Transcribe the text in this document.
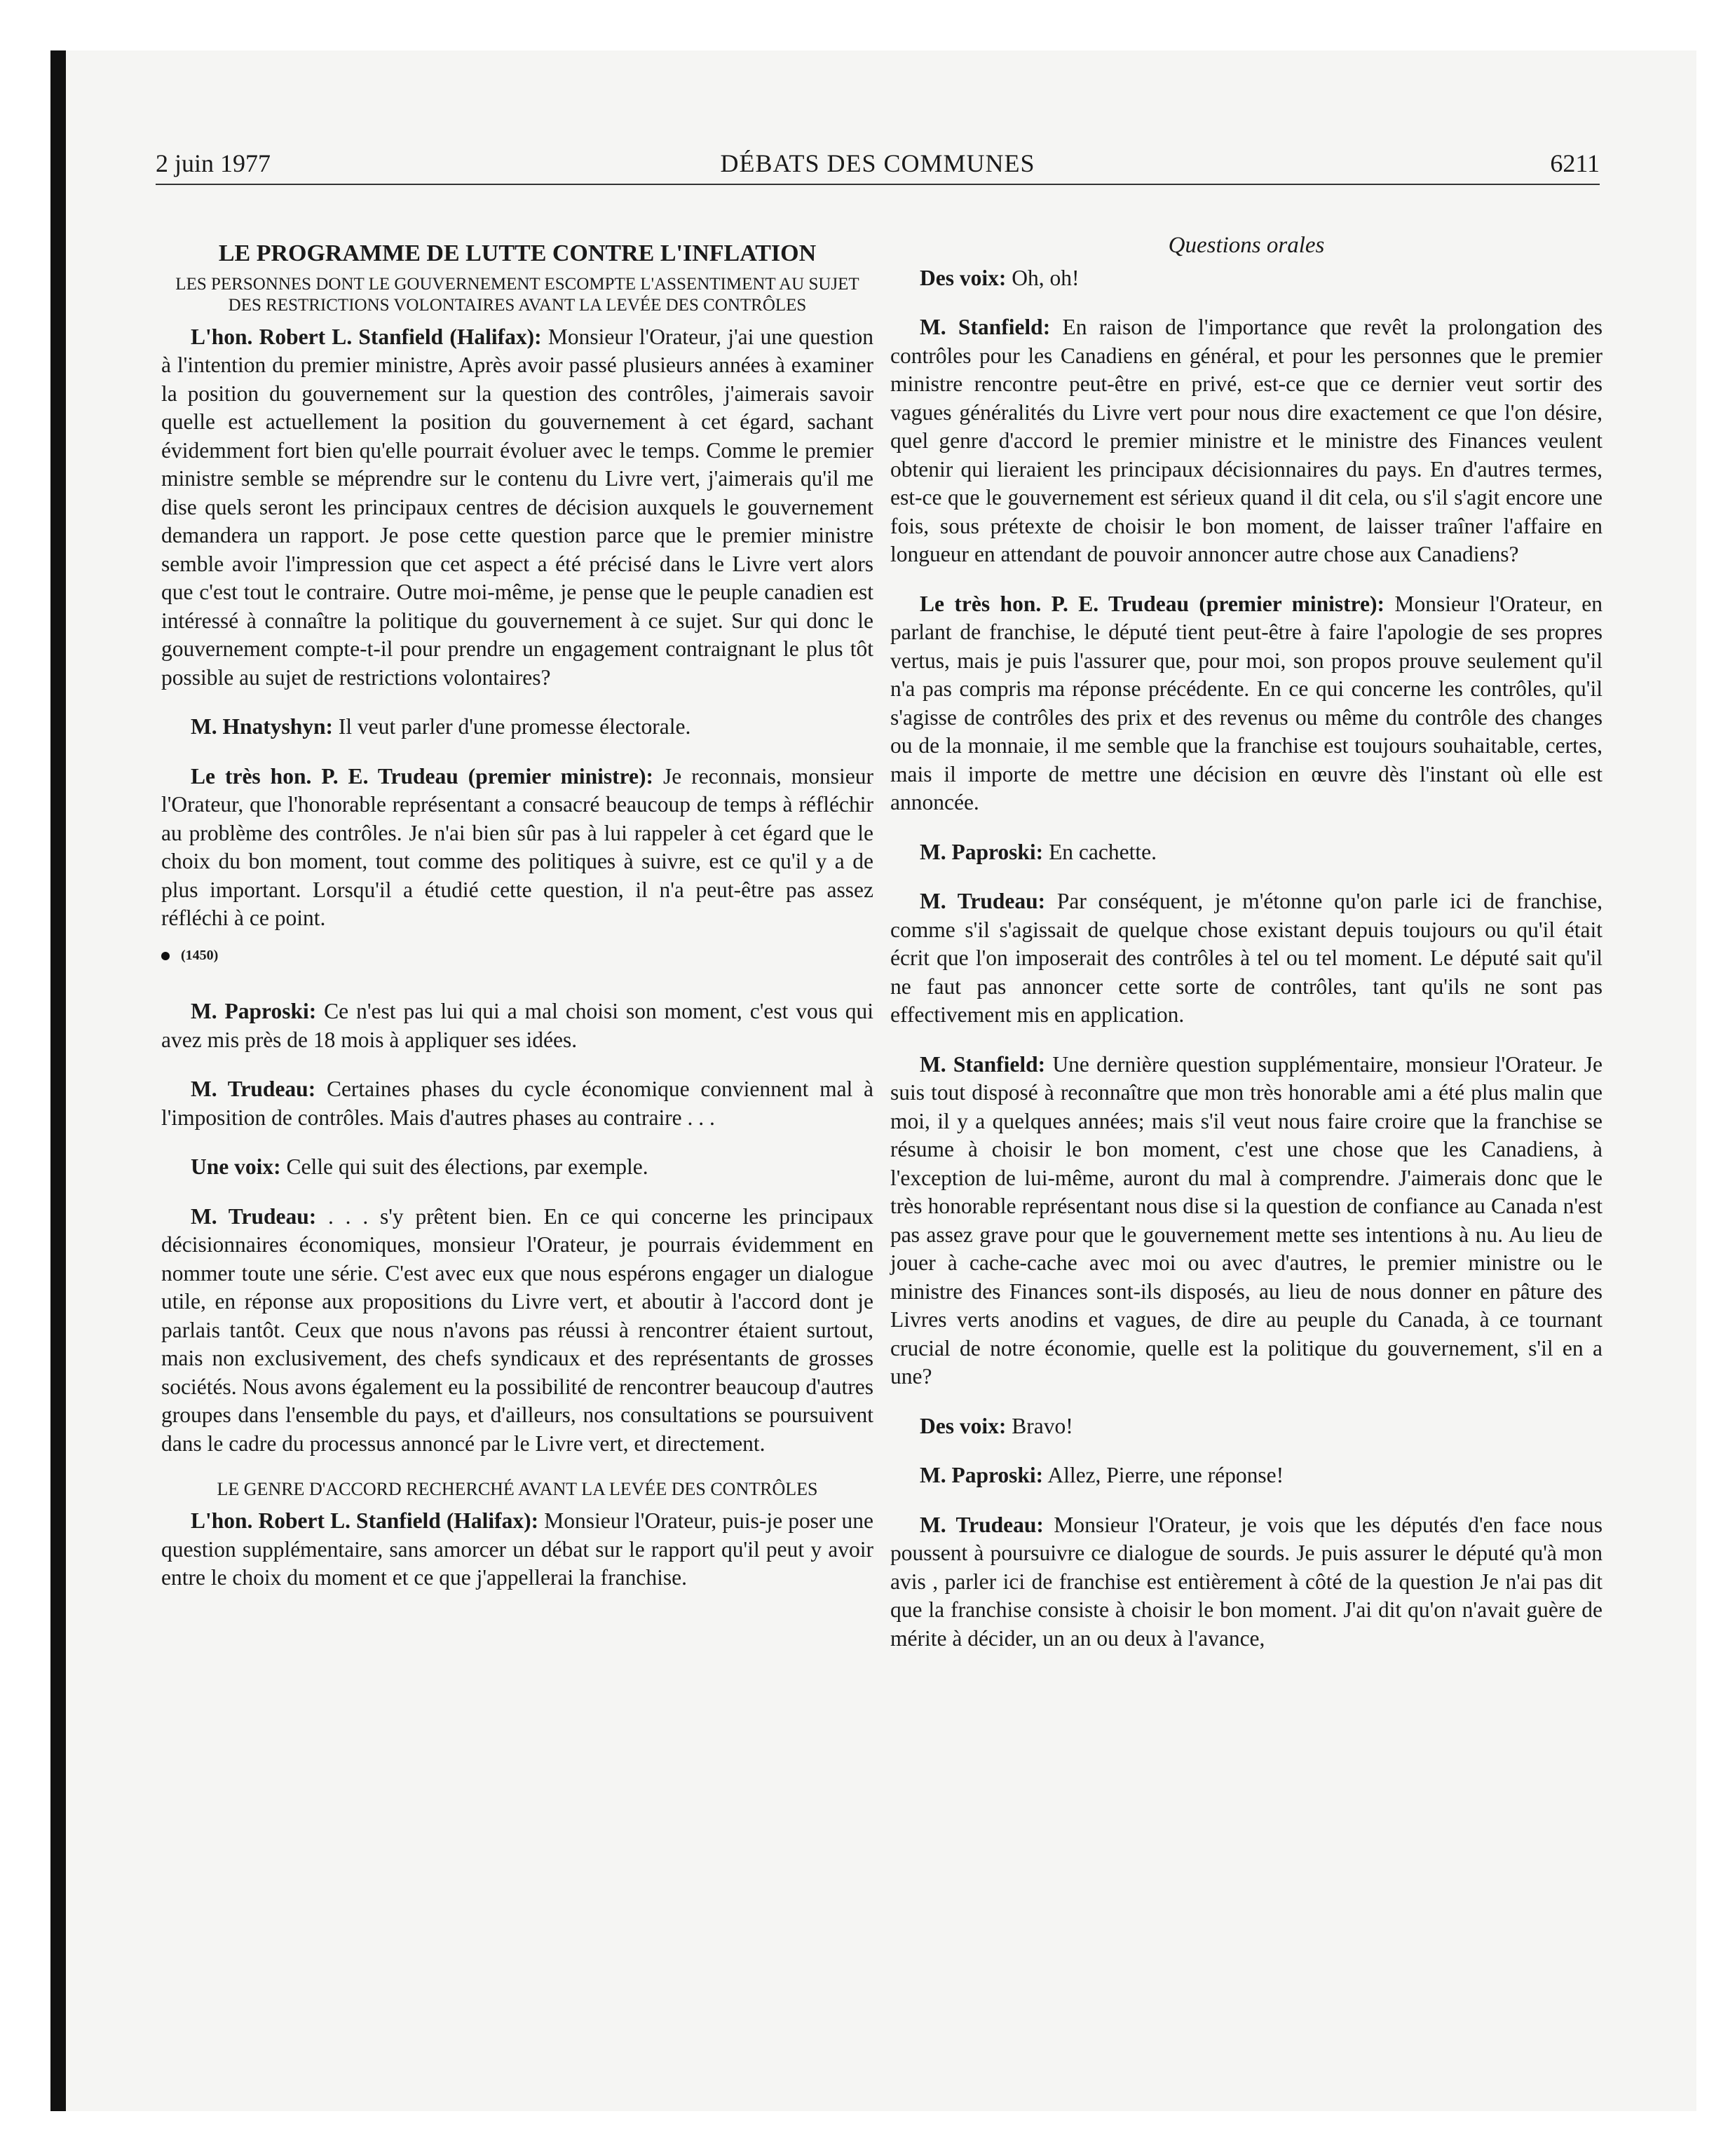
2 juin 1977	DÉBATS DES COMMUNES	6211
LE PROGRAMME DE LUTTE CONTRE L'INFLATION
LES PERSONNES DONT LE GOUVERNEMENT ESCOMPTE L'ASSENTIMENT AU SUJET DES RESTRICTIONS VOLONTAIRES AVANT LA LEVÉE DES CONTRÔLES

L'hon. Robert L. Stanfield (Halifax): Monsieur l'Orateur, j'ai une question à l'intention du premier ministre, Après avoir passé plusieurs années à examiner la position du gouvernement sur la question des contrôles, j'aimerais savoir quelle est actuellement la position du gouvernement à cet égard, sachant évidemment fort bien qu'elle pourrait évoluer avec le temps. Comme le premier ministre semble se méprendre sur le contenu du Livre vert, j'aimerais qu'il me dise quels seront les principaux centres de décision auxquels le gouvernement demandera un rapport. Je pose cette question parce que le premier ministre semble avoir l'impression que cet aspect a été précisé dans le Livre vert alors que c'est tout le contraire. Outre moi-même, je pense que le peuple canadien est intéressé à connaître la politique du gouvernement à ce sujet. Sur qui donc le gouvernement compte-t-il pour prendre un engagement contraignant le plus tôt possible au sujet de restrictions volontaires?

M. Hnatyshyn: Il veut parler d'une promesse électorale.

Le très hon. P. E. Trudeau (premier ministre): Je reconnais, monsieur l'Orateur, que l'honorable représentant a consacré beaucoup de temps à réfléchir au problème des contrôles. Je n'ai bien sûr pas à lui rappeler à cet égard que le choix du bon moment, tout comme des politiques à suivre, est ce qu'il y a de plus important. Lorsqu'il a étudié cette question, il n'a peut-être pas assez réfléchi à ce point.

(1450)

M. Paproski: Ce n'est pas lui qui a mal choisi son moment, c'est vous qui avez mis près de 18 mois à appliquer ses idées.

M. Trudeau: Certaines phases du cycle économique conviennent mal à l'imposition de contrôles. Mais d'autres phases au contraire . . .

Une voix: Celle qui suit des élections, par exemple.

M. Trudeau: . . . s'y prêtent bien. En ce qui concerne les principaux décisionnaires économiques, monsieur l'Orateur, je pourrais évidemment en nommer toute une série. C'est avec eux que nous espérons engager un dialogue utile, en réponse aux propositions du Livre vert, et aboutir à l'accord dont je parlais tantôt. Ceux que nous n'avons pas réussi à rencontrer étaient surtout, mais non exclusivement, des chefs syndicaux et des représentants de grosses sociétés. Nous avons également eu la possibilité de rencontrer beaucoup d'autres groupes dans l'ensemble du pays, et d'ailleurs, nos consultations se poursuivent dans le cadre du processus annoncé par le Livre vert, et directement.

LE GENRE D'ACCORD RECHERCHÉ AVANT LA LEVÉE DES CONTRÔLES

L'hon. Robert L. Stanfield (Halifax): Monsieur l'Orateur, puis-je poser une question supplémentaire, sans amorcer un débat sur le rapport qu'il peut y avoir entre le choix du moment et ce que j'appellerai la franchise.

Questions orales

Des voix: Oh, oh!

M. Stanfield: En raison de l'importance que revêt la prolongation des contrôles pour les Canadiens en général, et pour les personnes que le premier ministre rencontre peut-être en privé, est-ce que ce dernier veut sortir des vagues généralités du Livre vert pour nous dire exactement ce que l'on désire, quel genre d'accord le premier ministre et le ministre des Finances veulent obtenir qui lieraient les principaux décisionnaires du pays. En d'autres termes, est-ce que le gouvernement est sérieux quand il dit cela, ou s'il s'agit encore une fois, sous prétexte de choisir le bon moment, de laisser traîner l'affaire en longueur en attendant de pouvoir annoncer autre chose aux Canadiens?

Le très hon. P. E. Trudeau (premier ministre): Monsieur l'Orateur, en parlant de franchise, le député tient peut-être à faire l'apologie de ses propres vertus, mais je puis l'assurer que, pour moi, son propos prouve seulement qu'il n'a pas compris ma réponse précédente. En ce qui concerne les contrôles, qu'il s'agisse de contrôles des prix et des revenus ou même du contrôle des changes ou de la monnaie, il me semble que la franchise est toujours souhaitable, certes, mais il importe de mettre une décision en œuvre dès l'instant où elle est annoncée.

M. Paproski: En cachette.

M. Trudeau: Par conséquent, je m'étonne qu'on parle ici de franchise, comme s'il s'agissait de quelque chose existant depuis toujours ou qu'il était écrit que l'on imposerait des contrôles à tel ou tel moment. Le député sait qu'il ne faut pas annoncer cette sorte de contrôles, tant qu'ils ne sont pas effectivement mis en application.

M. Stanfield: Une dernière question supplémentaire, monsieur l'Orateur. Je suis tout disposé à reconnaître que mon très honorable ami a été plus malin que moi, il y a quelques années; mais s'il veut nous faire croire que la franchise se résume à choisir le bon moment, c'est une chose que les Canadiens, à l'exception de lui-même, auront du mal à comprendre. J'aimerais donc que le très honorable représentant nous dise si la question de confiance au Canada n'est pas assez grave pour que le gouvernement mette ses intentions à nu. Au lieu de jouer à cache-cache avec moi ou avec d'autres, le premier ministre ou le ministre des Finances sont-ils disposés, au lieu de nous donner en pâture des Livres verts anodins et vagues, de dire au peuple du Canada, à ce tournant crucial de notre économie, quelle est la politique du gouvernement, s'il en a une?

Des voix: Bravo!

M. Paproski: Allez, Pierre, une réponse!

M. Trudeau: Monsieur l'Orateur, je vois que les députés d'en face nous poussent à poursuivre ce dialogue de sourds. Je puis assurer le député qu'à mon avis , parler ici de franchise est entièrement à côté de la question Je n'ai pas dit que la franchise consiste à choisir le bon moment. J'ai dit qu'on n'avait guère de mérite à décider, un an ou deux à l'avance,
